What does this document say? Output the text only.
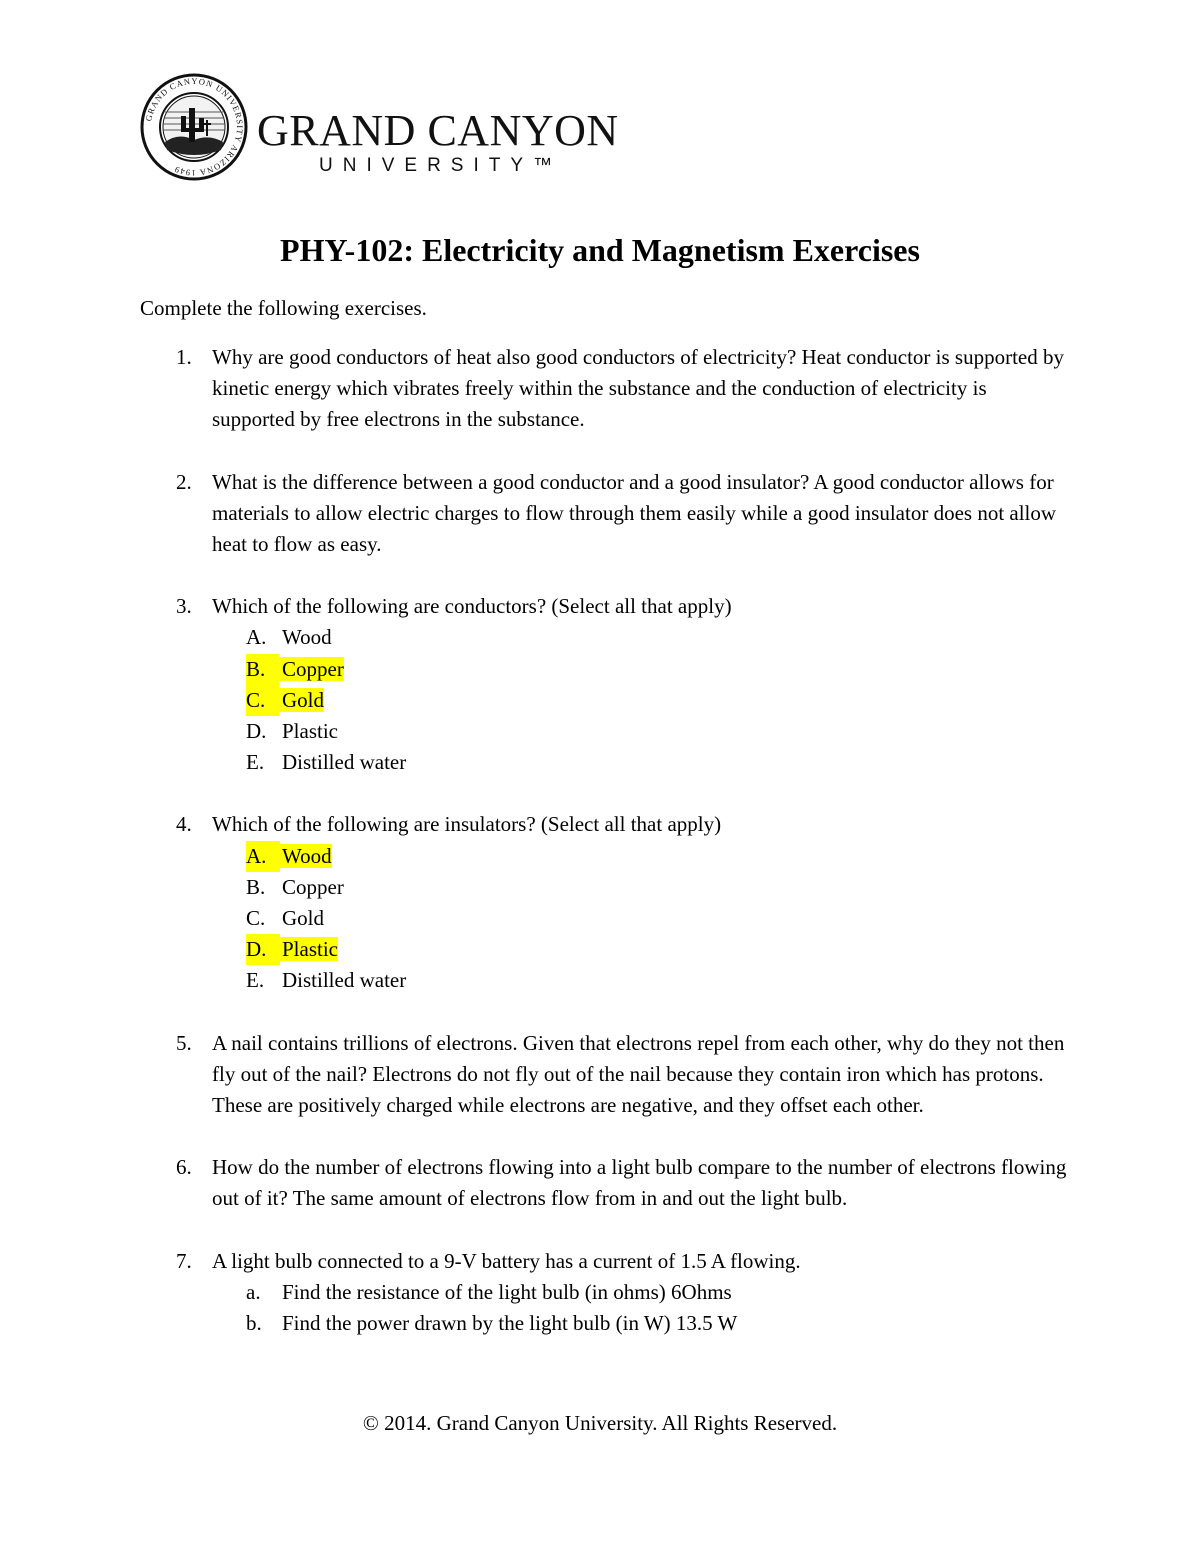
GRAND CANYON UNIVERSITY ARIZONA 1949
GRAND CANYON
UNIVERSITY™
PHY-102: Electricity and Magnetism Exercises
Complete the following exercises.
1. Why are good conductors of heat also good conductors of electricity? Heat conductor is supported by kinetic energy which vibrates freely within the substance and the conduction of electricity is supported by free electrons in the substance.
2. What is the difference between a good conductor and a good insulator? A good conductor allows for materials to allow electric charges to flow through them easily while a good insulator does not allow heat to flow as easy.
3. Which of the following are conductors? (Select all that apply)
A. Wood
B. Copper
C. Gold
D. Plastic
E. Distilled water
4. Which of the following are insulators? (Select all that apply)
A. Wood
B. Copper
C. Gold
D. Plastic
E. Distilled water
5. A nail contains trillions of electrons. Given that electrons repel from each other, why do they not then fly out of the nail? Electrons do not fly out of the nail because they contain iron which has protons. These are positively charged while electrons are negative, and they offset each other.
6. How do the number of electrons flowing into a light bulb compare to the number of electrons flowing out of it? The same amount of electrons flow from in and out the light bulb.
7. A light bulb connected to a 9-V battery has a current of 1.5 A flowing.
a. Find the resistance of the light bulb (in ohms) 6Ohms
b. Find the power drawn by the light bulb (in W) 13.5 W
© 2014. Grand Canyon University. All Rights Reserved.
